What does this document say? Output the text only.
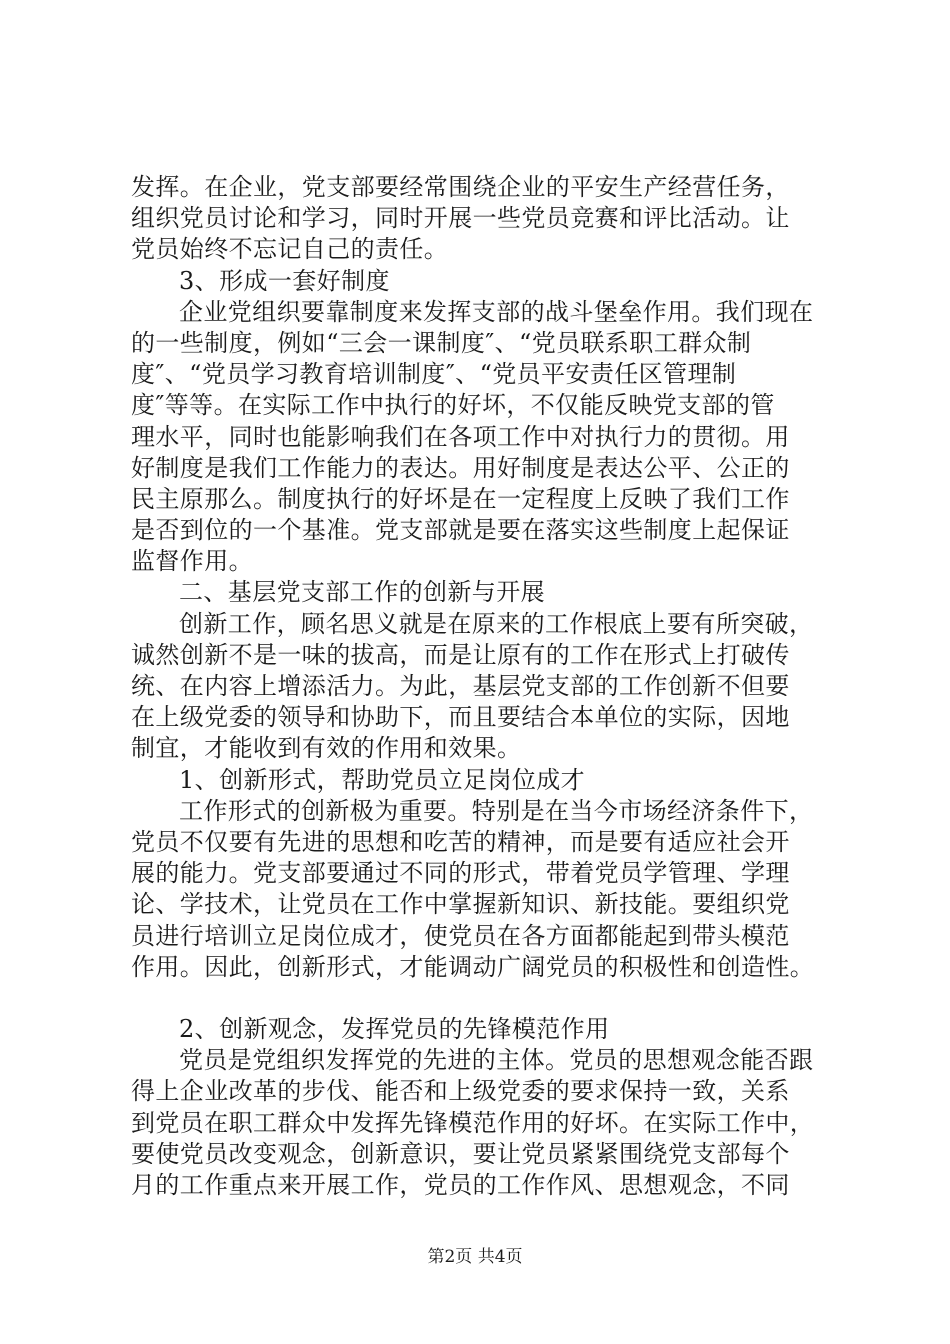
发挥。在企业，党支部要经常围绕企业的平安生产经营任务，
组织党员讨论和学习，同时开展一些党员竞赛和评比活动。让
党员始终不忘记自己的责任。
3、形成一套好制度
企业党组织要靠制度来发挥支部的战斗堡垒作用。我们现在
的一些制度，例如“三会一课制度″、“党员联系职工群众制
度″、“党员学习教育培训制度″、“党员平安责任区管理制
度″等等。在实际工作中执行的好坏，不仅能反映党支部的管
理水平，同时也能影响我们在各项工作中对执行力的贯彻。用
好制度是我们工作能力的表达。用好制度是表达公平、公正的
民主原那么。制度执行的好坏是在一定程度上反映了我们工作
是否到位的一个基准。党支部就是要在落实这些制度上起保证
监督作用。
二、基层党支部工作的创新与开展
创新工作，顾名思义就是在原来的工作根底上要有所突破，
诚然创新不是一味的拔高，而是让原有的工作在形式上打破传
统、在内容上增添活力。为此，基层党支部的工作创新不但要
在上级党委的领导和协助下，而且要结合本单位的实际，因地
制宜，才能收到有效的作用和效果。
1、创新形式，帮助党员立足岗位成才
工作形式的创新极为重要。特别是在当今市场经济条件下，
党员不仅要有先进的思想和吃苦的精神，而是要有适应社会开
展的能力。党支部要通过不同的形式，带着党员学管理、学理
论、学技术，让党员在工作中掌握新知识、新技能。要组织党
员进行培训立足岗位成才，使党员在各方面都能起到带头模范
作用。因此，创新形式，才能调动广阔党员的积极性和创造性。
2、创新观念，发挥党员的先锋模范作用
党员是党组织发挥党的先进的主体。党员的思想观念能否跟
得上企业改革的步伐、能否和上级党委的要求保持一致，关系
到党员在职工群众中发挥先锋模范作用的好坏。在实际工作中，
要使党员改变观念，创新意识，要让党员紧紧围绕党支部每个
月的工作重点来开展工作，党员的工作作风、思想观念，不同
第2页 共4页
